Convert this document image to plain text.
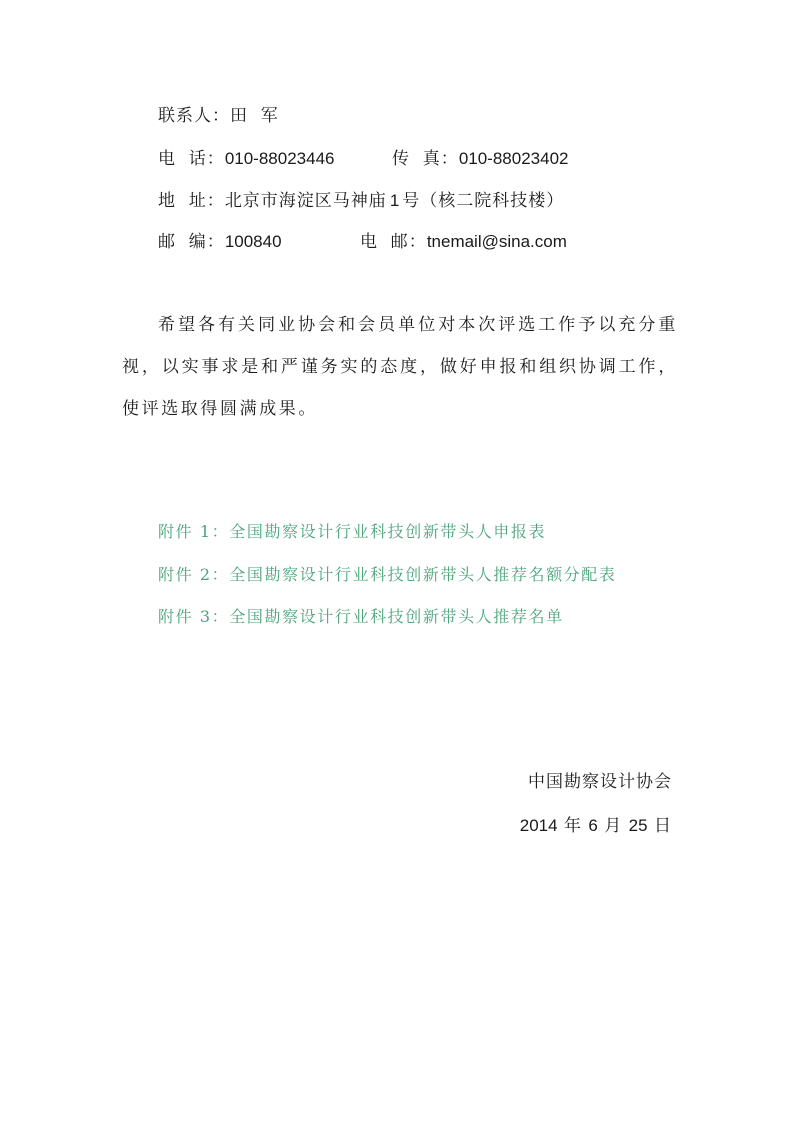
联系人：田  军
电  话：010-88023446	传  真：010-88023402
地  址：北京市海淀区马神庙 1 号（核二院科技楼）
邮  编：100840	电  邮：tnemail@sina.com
希望各有关同业协会和会员单位对本次评选工作予以充分重视，以实事求是和严谨务实的态度，做好申报和组织协调工作，使评选取得圆满成果。
附件 1：全国勘察设计行业科技创新带头人申报表
附件 2：全国勘察设计行业科技创新带头人推荐名额分配表
附件 3：全国勘察设计行业科技创新带头人推荐名单
中国勘察设计协会
2014 年 6 月 25 日
